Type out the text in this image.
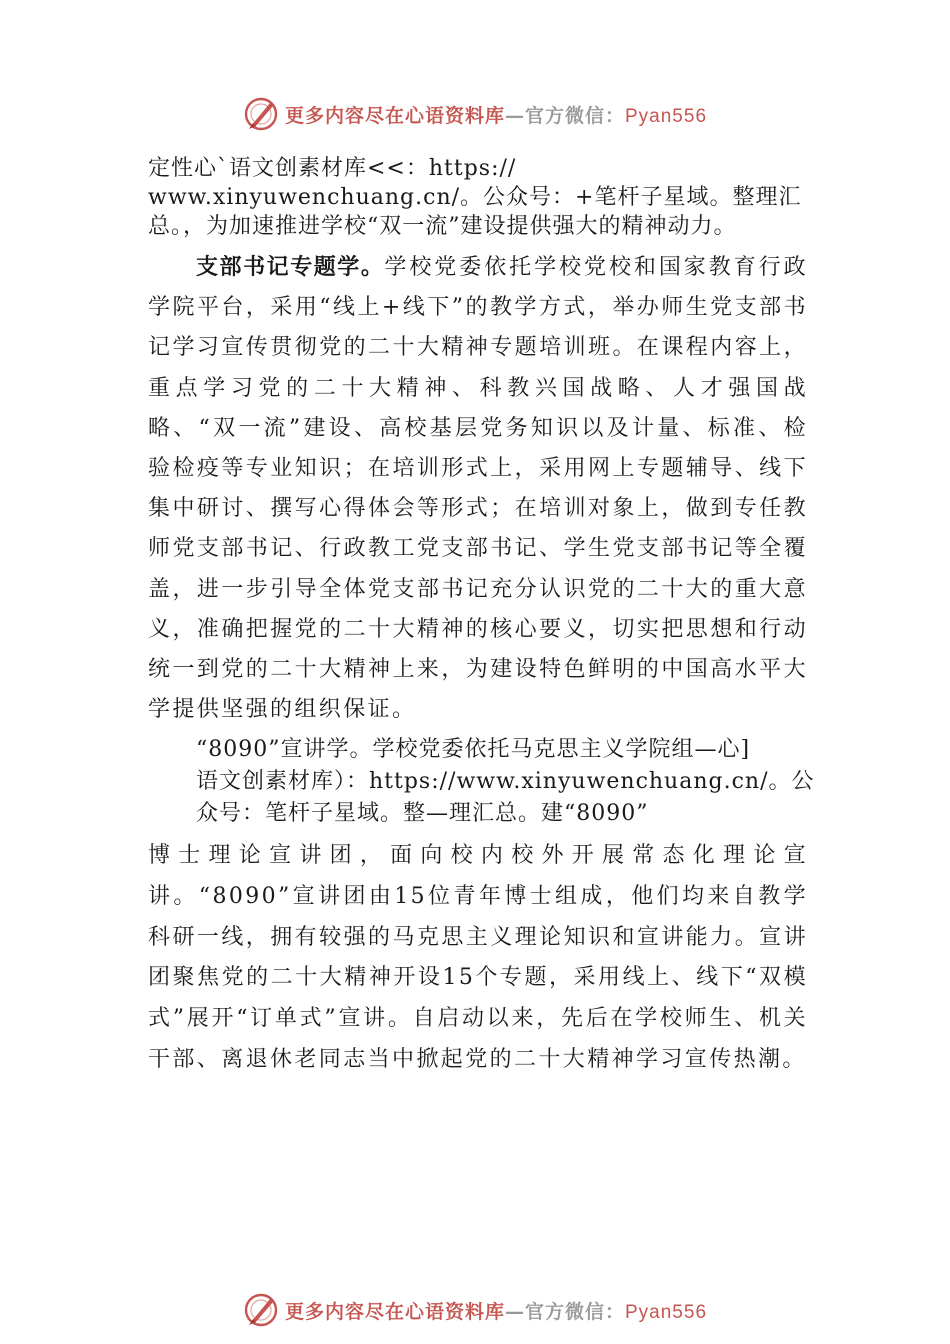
更多内容尽在心语资料库—官方微信：Pyan556
定性心`语文创素材库<<：https://
www.xinyuwenchuang.cn/。公众号：+笔杆子星域。整理汇
总。，为加速推进学校“双一流”建设提供强大的精神动力。

支部书记专题学。学校党委依托学校党校和国家教育行政学院平台，采用“线上+线下”的教学方式，举办师生党支部书记学习宣传贯彻党的二十大精神专题培训班。在课程内容上，重点学习党的二十大精神、科教兴国战略、人才强国战略、“双一流”建设、高校基层党务知识以及计量、标准、检验检疫等专业知识；在培训形式上，采用网上专题辅导、线下集中研讨、撰写心得体会等形式；在培训对象上，做到专任教师党支部书记、行政教工党支部书记、学生党支部书记等全覆盖，进一步引导全体党支部书记充分认识党的二十大的重大意义，准确把握党的二十大精神的核心要义，切实把思想和行动统一到党的二十大精神上来，为建设特色鲜明的中国高水平大学提供坚强的组织保证。

“8090”宣讲学。学校党委依托马克思主义学院组—心]
语文创素材库）：https://www.xinyuwenchuang.cn/。公
众号：笔杆子星域。整—理汇总。建“8090”

博士理论宣讲团，面向校内校外开展常态化理论宣讲。“8090”宣讲团由15位青年博士组成，他们均来自教学科研一线，拥有较强的马克思主义理论知识和宣讲能力。宣讲团聚焦党的二十大精神开设15个专题，采用线上、线下“双模式”展开“订单式”宣讲。自启动以来，先后在学校师生、机关干部、离退休老同志当中掀起党的二十大精神学习宣传热潮。

更多内容尽在心语资料库—官方微信：Pyan556
